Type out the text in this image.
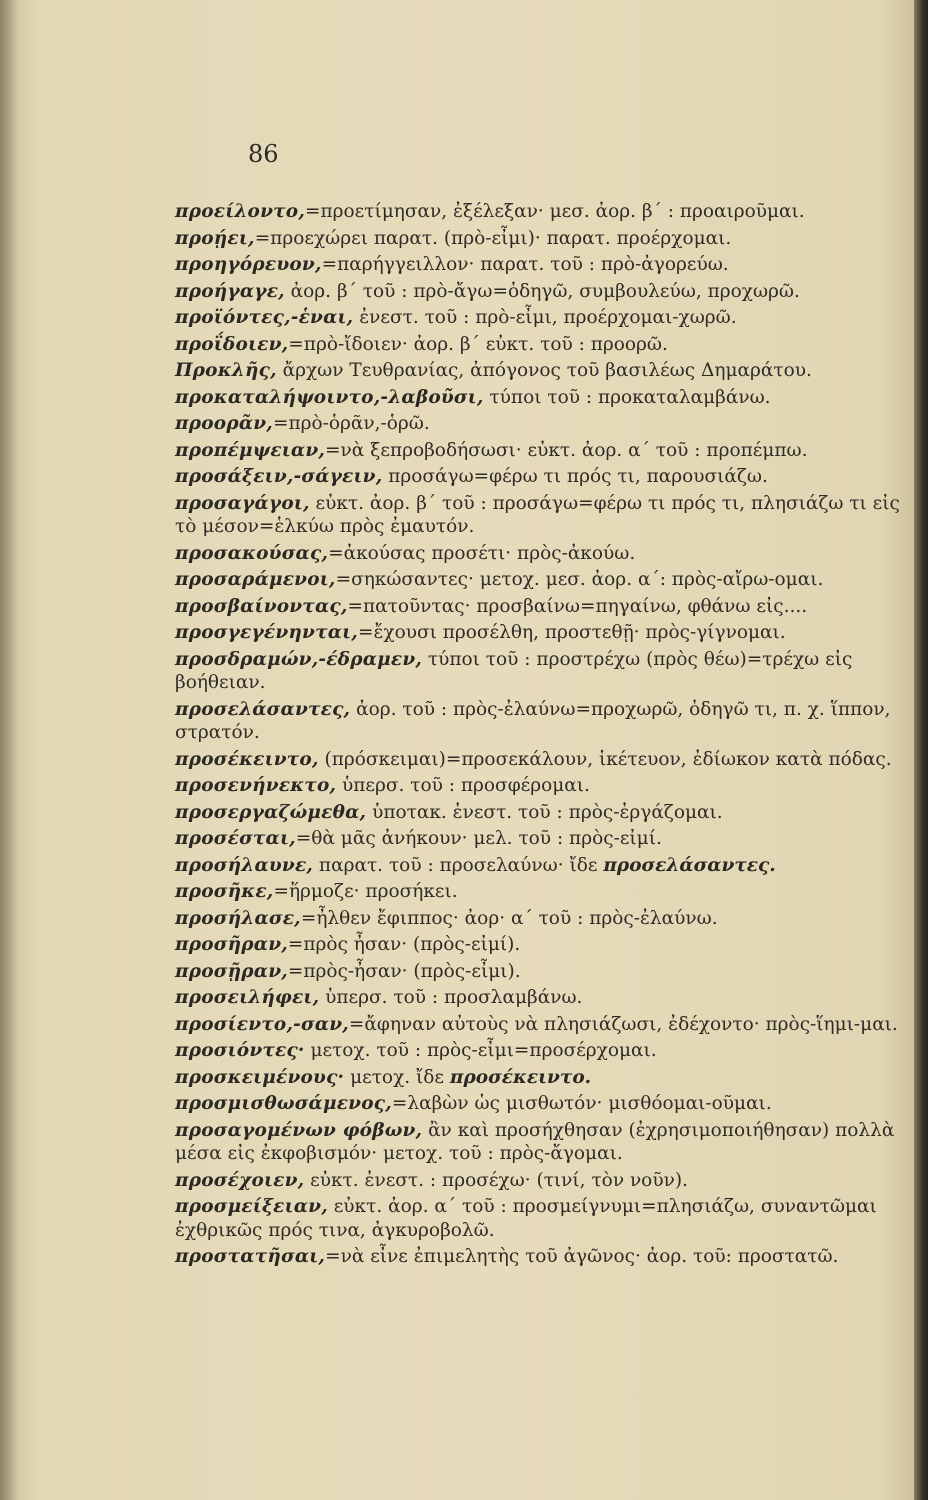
86
προείλοντο,=προετίμησαν, ἐξέλεξαν· μεσ. ἀορ. β΄ : προαιροῦμαι.
προῄει,=προεχώρει παρατ. (πρὸ-εἶμι)· παρατ. προέρχομαι.
προηγόρευον,=παρήγγειλλον· παρατ. τοῦ : πρὸ-ἀγορεύω.
προήγαγε, ἀορ. β΄ τοῦ : πρὸ-ἄγω=ὁδηγῶ, συμβουλεύω, προχωρῶ.
προϊόντες,-ἑναι, ἐνεστ. τοῦ : πρὸ-εἶμι, προέρχομαι-χωρῶ.
προΐδοιεν,=πρὸ-ἴδοιεν· ἀορ. β΄ εὐκτ. τοῦ : προορῶ.
Προκλῆς, ἄρχων Τευθρανίας, ἀπόγονος τοῦ βασιλέως Δημαράτου.
προκαταλήψοιντο,-λαβοῦσι, τύποι τοῦ : προκαταλαμβάνω.
προορᾶν,=πρὸ-ὁρᾶν,-ὁρῶ.
προπέμψειαν,=νὰ ξεπροβοδήσωσι· εὐκτ. ἀορ. α΄ τοῦ : προπέμπω.
προσάξειν,-σάγειν, προσάγω=φέρω τι πρός τι, παρουσιάζω.
προσαγάγοι, εὐκτ. ἀορ. β΄ τοῦ : προσάγω=φέρω τι πρός τι, πλησιάζω τι εἰς τὸ μέσον=ἑλκύω πρὸς ἐμαυτόν.
προσακούσας,=ἀκούσας προσέτι· πρὸς-ἀκούω.
προσαράμενοι,=σηκώσαντες· μετοχ. μεσ. ἀορ. α΄: πρὸς-αἴρω-ομαι.
προσβαίνοντας,=πατοῦντας· προσβαίνω=πηγαίνω, φθάνω εἰς....
προσγεγένηνται,=ἔχουσι προσέλθη, προστεθῇ· πρὸς-γίγνομαι.
προσδραμών,-έδραμεν, τύποι τοῦ : προστρέχω (πρὸς θέω)=τρέχω εἰς βοήθειαν.
προσελάσαντες, ἀορ. τοῦ : πρὸς-ἐλαύνω=προχωρῶ, ὁδηγῶ τι, π. χ. ἵππον, στρατόν.
προσέκειντο, (πρόσκειμαι)=προσεκάλουν, ἱκέτευον, ἐδίωκον κατὰ πόδας.
προσενήνεκτο, ὑπερσ. τοῦ : προσφέρομαι.
προσεργαζώμεθα, ὑποτακ. ἐνεστ. τοῦ : πρὸς-ἐργάζομαι.
προσέσται,=θὰ μᾶς ἀνήκουν· μελ. τοῦ : πρὸς-εἰμί.
προσήλαυνε, παρατ. τοῦ : προσελαύνω· ἴδε προσελάσαντες.
προσῆκε,=ἥρμοζε· προσήκει.
προσήλασε,=ἦλθεν ἔφιππος· ἀορ· α΄ τοῦ : πρὸς-ἐλαύνω.
προσῆραν,=πρὸς ἦσαν· (πρὸς-εἰμί).
προσῇραν,=πρὸς-ἦσαν· (πρὸς-εἶμι).
προσειλήφει, ὑπερσ. τοῦ : προσλαμβάνω.
προσίεντο,-σαν,=ἄφηναν αὐτοὺς νὰ πλησιάζωσι, ἐδέχοντο· πρὸς-ἵημι-μαι.
προσιόντες· μετοχ. τοῦ : πρὸς-εἶμι=προσέρχομαι.
προσκειμένους· μετοχ. ἴδε προσέκειντο.
προσμισθωσάμενος,=λαβὼν ὡς μισθωτόν· μισθόομαι-οῦμαι.
προσαγομένων φόβων, ἂν καὶ προσήχθησαν (ἐχρησιμοποιήθησαν) πολλὰ μέσα εἰς ἐκφοβισμόν· μετοχ. τοῦ : πρὸς-ἄγομαι.
προσέχοιεν, εὐκτ. ἐνεστ. : προσέχω· (τινί, τὸν νοῦν).
προσμείξειαν, εὐκτ. ἀορ. α΄ τοῦ : προσμείγνυμι=πλησιάζω, συναντῶμαι ἐχθρικῶς πρός τινα, ἀγκυροβολῶ.
προστατῆσαι,=νὰ εἶνε ἐπιμελητὴς τοῦ ἀγῶνος· ἀορ. τοῦ: προστατῶ.
